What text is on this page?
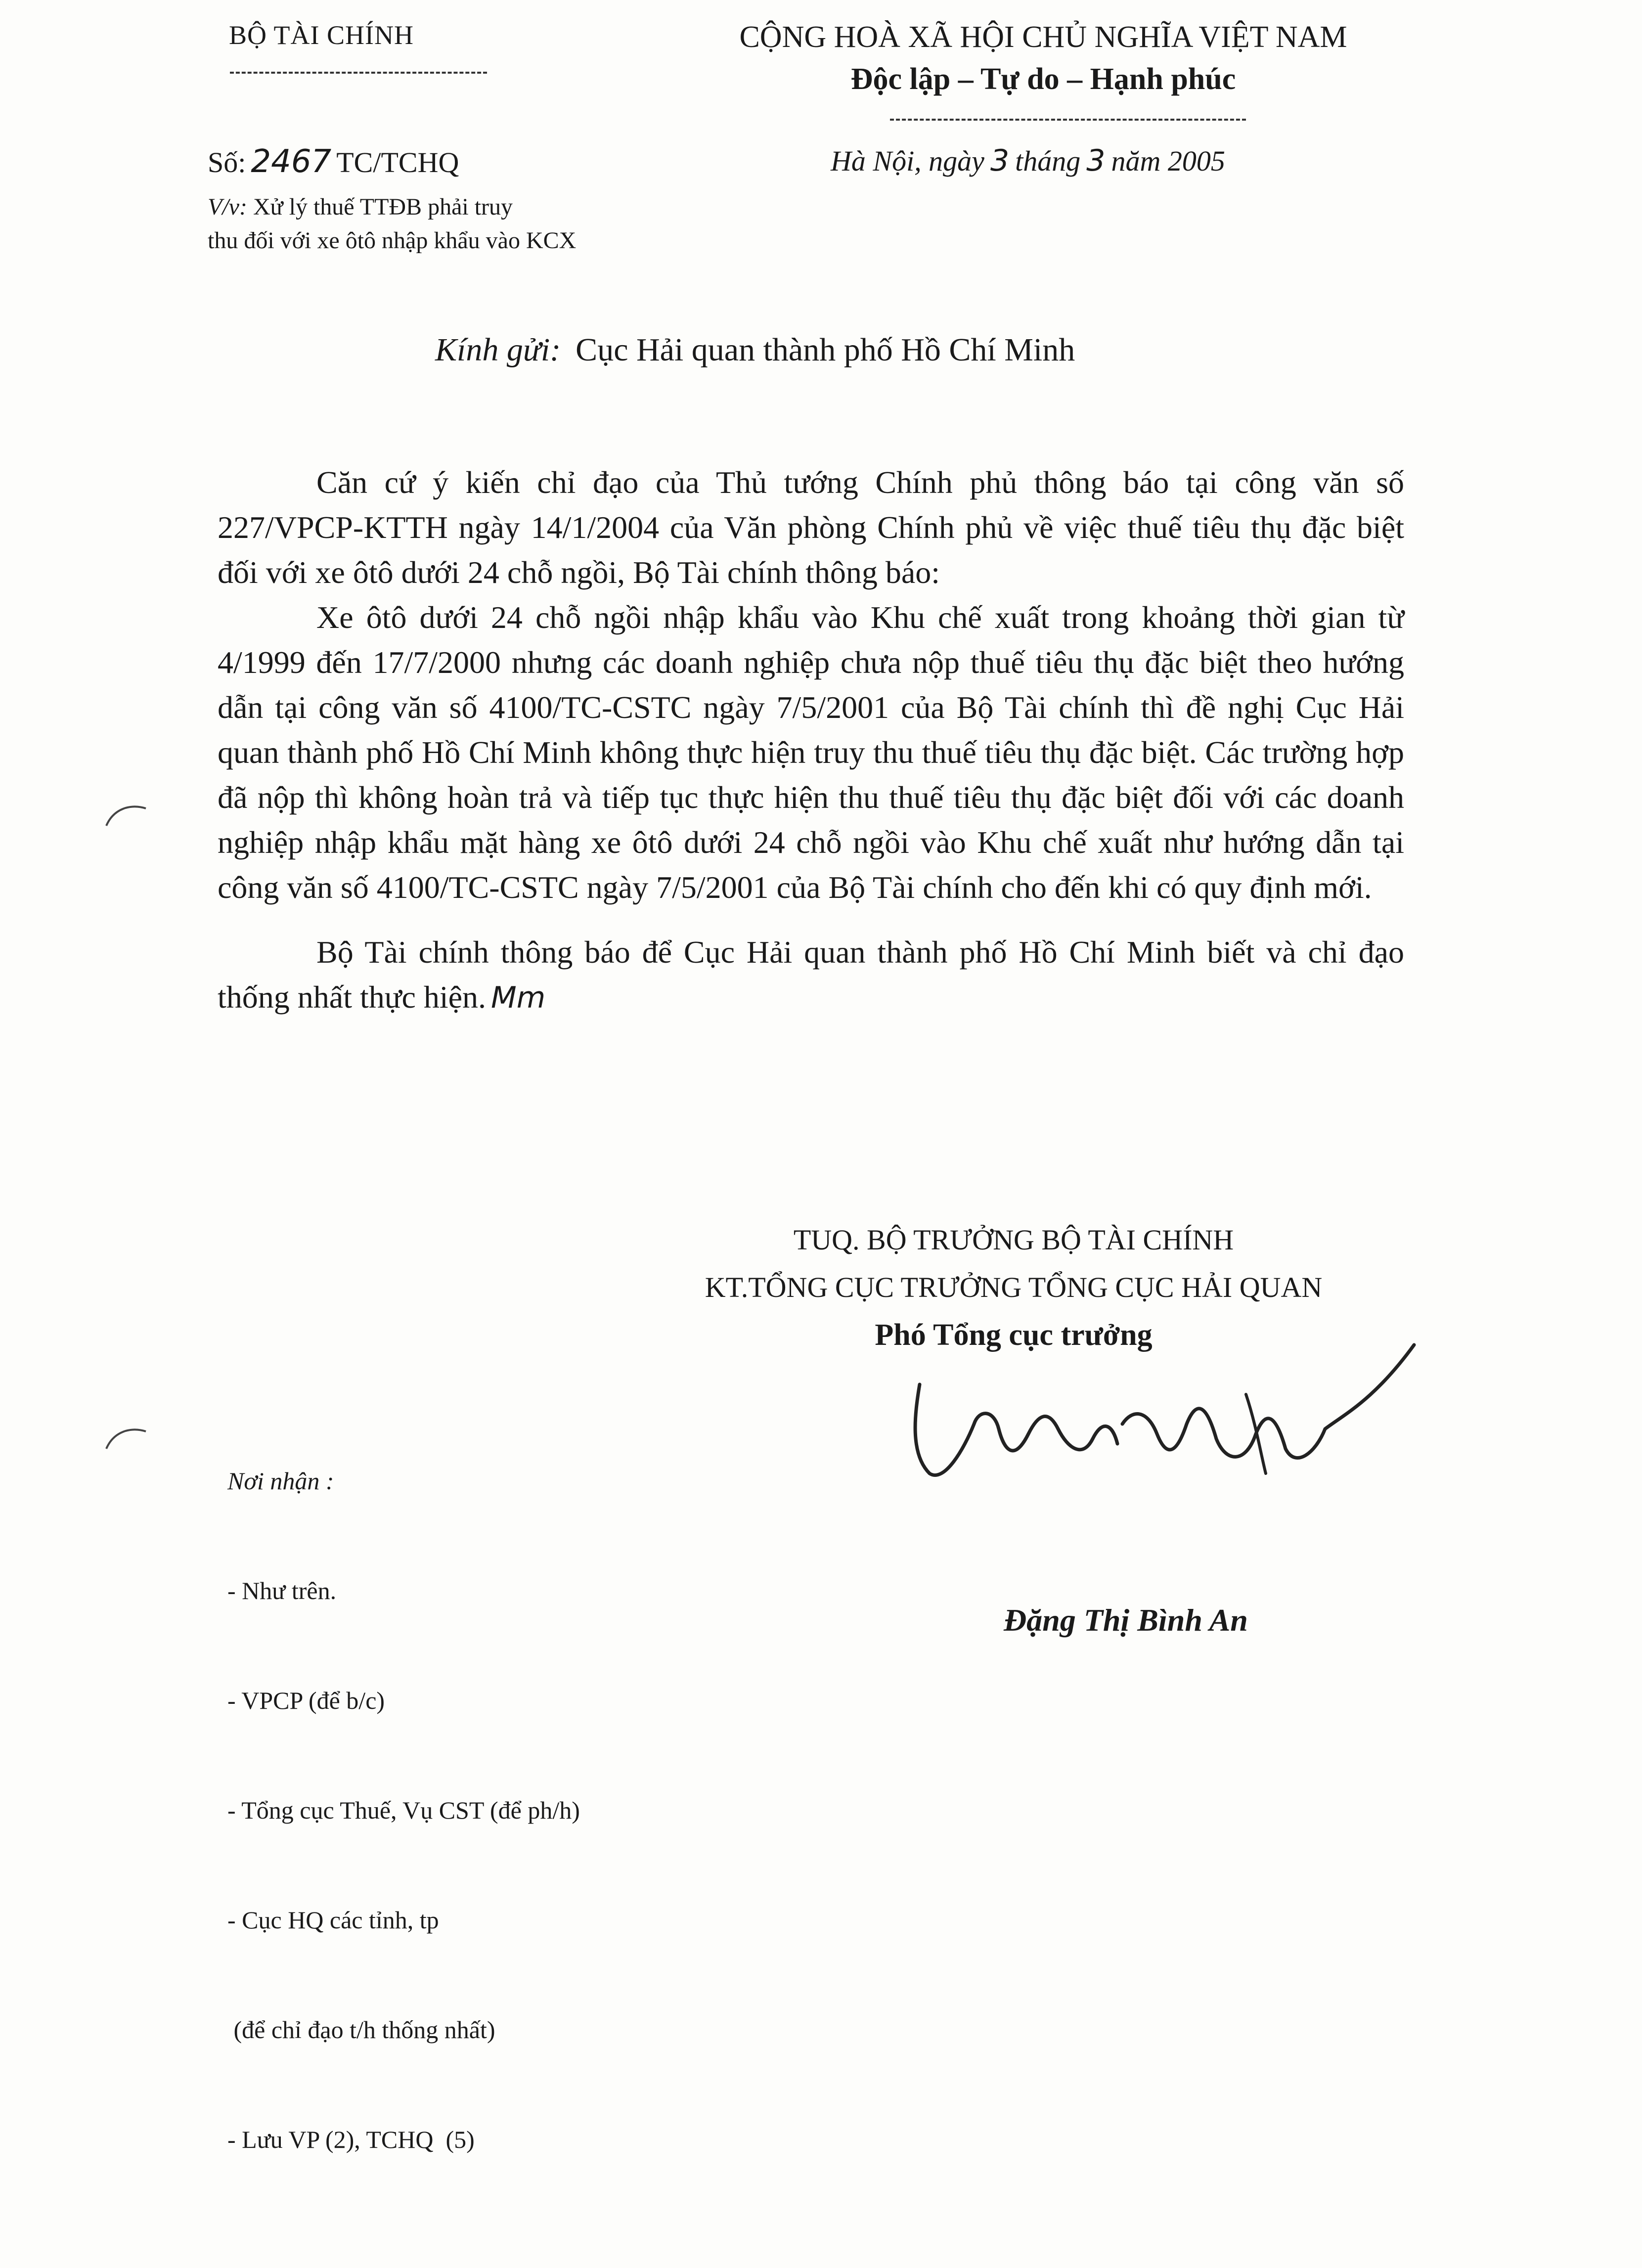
BỘ TÀI CHÍNH	CỘNG HOÀ XÃ HỘI CHỦ NGHĨA VIỆT NAM
Độc lập – Tự do – Hạnh phúc
Số: 2467 TC/TCHQ
V/v: Xử lý thuế TTĐB phải truy
thu đối với xe ôtô nhập khẩu vào KCX
Hà Nội, ngày 3 tháng 3 năm 2005
Kính gửi: Cục Hải quan thành phố Hồ Chí Minh

Căn cứ ý kiến chỉ đạo của Thủ tướng Chính phủ thông báo tại công văn số 227/VPCP-KTTH ngày 14/1/2004 của Văn phòng Chính phủ về việc thuế tiêu thụ đặc biệt đối với xe ôtô dưới 24 chỗ ngồi, Bộ Tài chính thông báo:

Xe ôtô dưới 24 chỗ ngồi nhập khẩu vào Khu chế xuất trong khoảng thời gian từ 4/1999 đến 17/7/2000 nhưng các doanh nghiệp chưa nộp thuế tiêu thụ đặc biệt theo hướng dẫn tại công văn số 4100/TC-CSTC ngày 7/5/2001 của Bộ Tài chính thì đề nghị Cục Hải quan thành phố Hồ Chí Minh không thực hiện truy thu thuế tiêu thụ đặc biệt. Các trường hợp đã nộp thì không hoàn trả và tiếp tục thực hiện thu thuế tiêu thụ đặc biệt đối với các doanh nghiệp nhập khẩu mặt hàng xe ôtô dưới 24 chỗ ngồi vào Khu chế xuất như hướng dẫn tại công văn số 4100/TC-CSTC ngày 7/5/2001 của Bộ Tài chính cho đến khi có quy định mới.

Bộ Tài chính thông báo để Cục Hải quan thành phố Hồ Chí Minh biết và chỉ đạo thống nhất thực hiện. Mm

TUQ. BỘ TRƯỞNG BỘ TÀI CHÍNH
KT.TỔNG CỤC TRƯỞNG TỔNG CỤC HẢI QUAN
Phó Tổng cục trưởng
Đặng Thị Bình An

Nơi nhận :

- Như trên.

- VPCP (để b/c)

- Tổng cục Thuế, Vụ CST (để ph/h)

- Cục HQ các tỉnh, tp

(để chỉ đạo t/h thống nhất)

- Lưu VP (2), TCHQ  (5)
